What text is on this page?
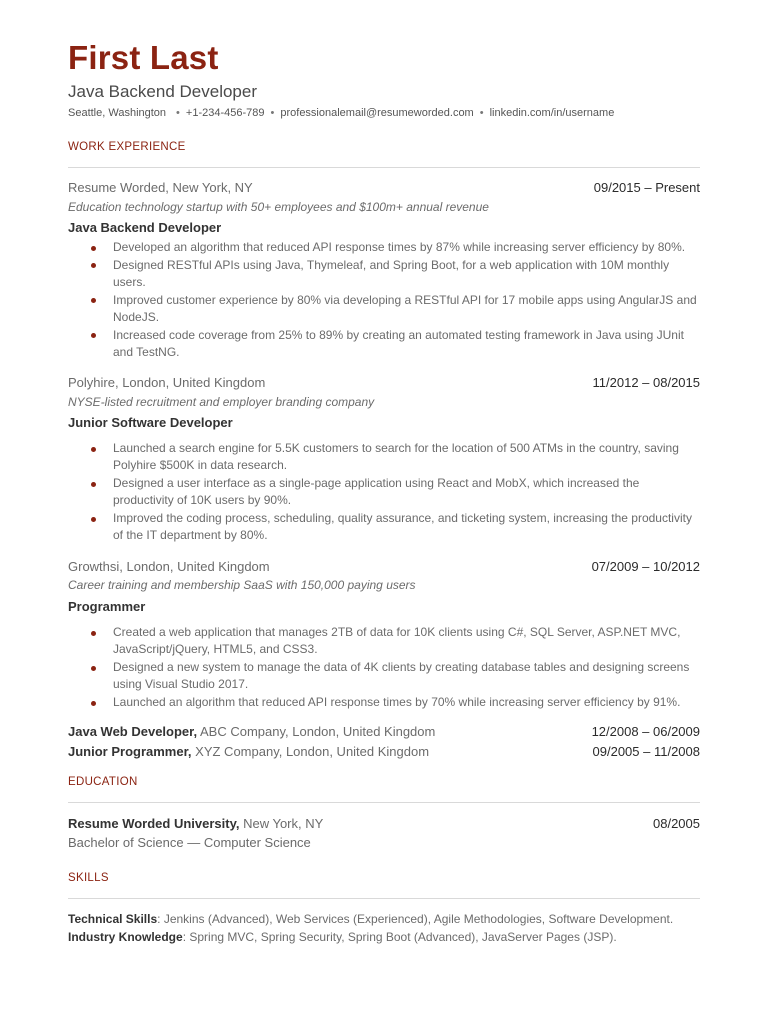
First Last
Java Backend Developer
Seattle, Washington • +1-234-456-789 • professionalemail@resumeworded.com • linkedin.com/in/username
WORK EXPERIENCE
Resume Worded, New York, NY	09/2015 – Present
Education technology startup with 50+ employees and $100m+ annual revenue
Java Backend Developer
Developed an algorithm that reduced API response times by 87% while increasing server efficiency by 80%.
Designed RESTful APIs using Java, Thymeleaf, and Spring Boot, for a web application with 10M monthly users.
Improved customer experience by 80% via developing a RESTful API for 17 mobile apps using AngularJS and NodeJS.
Increased code coverage from 25% to 89% by creating an automated testing framework in Java using JUnit and TestNG.
Polyhire, London, United Kingdom	11/2012 – 08/2015
NYSE-listed recruitment and employer branding company
Junior Software Developer
Launched a search engine for 5.5K customers to search for the location of 500 ATMs in the country, saving Polyhire $500K in data research.
Designed a user interface as a single-page application using React and MobX, which increased the productivity of 10K users by 90%.
Improved the coding process, scheduling, quality assurance, and ticketing system, increasing the productivity of the IT department by 80%.
Growthsi, London, United Kingdom	07/2009 – 10/2012
Career training and membership SaaS with 150,000 paying users
Programmer
Created a web application that manages 2TB of data for 10K clients using C#, SQL Server, ASP.NET MVC, JavaScript/jQuery, HTML5, and CSS3.
Designed a new system to manage the data of 4K clients by creating database tables and designing screens using Visual Studio 2017.
Launched an algorithm that reduced API response times by 70% while increasing server efficiency by 91%.
Java Web Developer, ABC Company, London, United Kingdom	12/2008 – 06/2009
Junior Programmer, XYZ Company, London, United Kingdom	09/2005 – 11/2008
EDUCATION
Resume Worded University, New York, NY	08/2005
Bachelor of Science — Computer Science
SKILLS
Technical Skills: Jenkins (Advanced), Web Services (Experienced), Agile Methodologies, Software Development.
Industry Knowledge: Spring MVC, Spring Security, Spring Boot (Advanced), JavaServer Pages (JSP).
